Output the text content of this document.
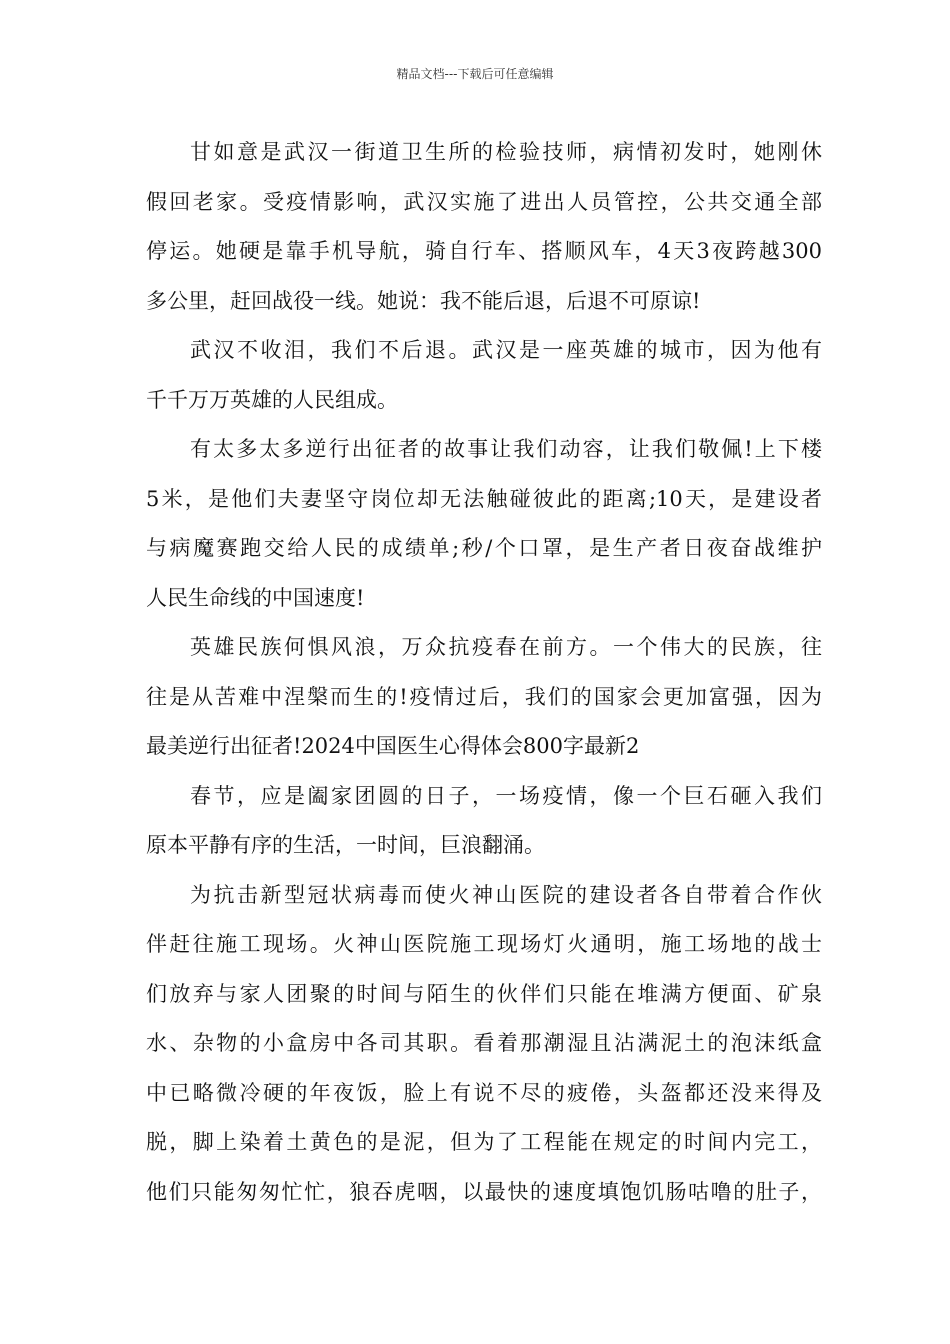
精品文档---下载后可任意编辑
甘如意是武汉一街道卫生所的检验技师，病情初发时，她刚休
假回老家。受疫情影响，武汉实施了进出人员管控，公共交通全部
停运。她硬是靠手机导航，骑自行车、搭顺风车，4天3夜跨越300
多公里，赶回战役一线。她说：我不能后退，后退不可原谅!
武汉不收泪，我们不后退。武汉是一座英雄的城市，因为他有
千千万万英雄的人民组成。
有太多太多逆行出征者的故事让我们动容，让我们敬佩!上下楼
5米，是他们夫妻坚守岗位却无法触碰彼此的距离;10天，是建设者
与病魔赛跑交给人民的成绩单;秒/个口罩，是生产者日夜奋战维护
人民生命线的中国速度!
英雄民族何惧风浪，万众抗疫春在前方。一个伟大的民族，往
往是从苦难中涅槃而生的!疫情过后，我们的国家会更加富强，因为
最美逆行出征者!2024中国医生心得体会800字最新2
春节，应是阖家团圆的日子，一场疫情，像一个巨石砸入我们
原本平静有序的生活，一时间，巨浪翻涌。
为抗击新型冠状病毒而使火神山医院的建设者各自带着合作伙
伴赶往施工现场。火神山医院施工现场灯火通明，施工场地的战士
们放弃与家人团聚的时间与陌生的伙伴们只能在堆满方便面、矿泉
水、杂物的小盒房中各司其职。看着那潮湿且沾满泥土的泡沫纸盒
中已略微冷硬的年夜饭，脸上有说不尽的疲倦，头盔都还没来得及
脱，脚上染着土黄色的是泥，但为了工程能在规定的时间内完工，
他们只能匆匆忙忙，狼吞虎咽，以最快的速度填饱饥肠咕噜的肚子，
